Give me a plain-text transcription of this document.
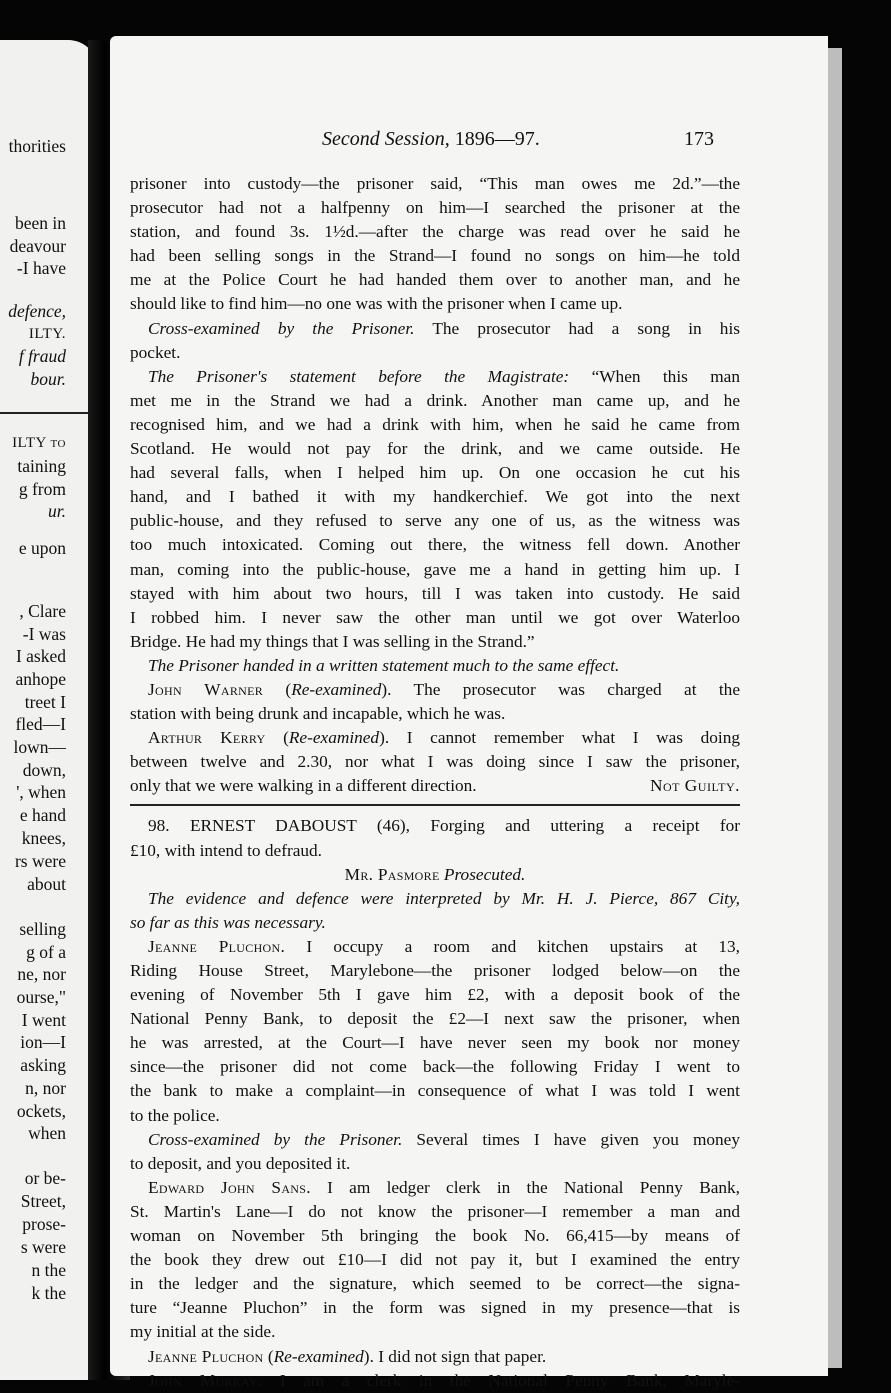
thorities
been in
deavour
-I have
defence,
ILTY.
f fraud
bour.
ILTY to
taining
g from
ur.
e upon
, Clare
-I was
I asked
anhope
treet I
fled—I
lown—
down,
', when
e hand
knees,
rs were
about
selling
g of a
ne, nor
ourse,"
I went
ion—I
asking
n, nor
ockets,
when
or be-
Street,
prose-
s were
n the
k the
Second Session, 1896—97.	173
prisoner into custody—the prisoner said, “This man owes me 2d.”—the
prosecutor had not a halfpenny on him—I searched the prisoner at the
station, and found 3s. 1½d.—after the charge was read over he said he
had been selling songs in the Strand—I found no songs on him—he told
me at the Police Court he had handed them over to another man, and he
should like to find him—no one was with the prisoner when I came up.
Cross-examined by the Prisoner. The prosecutor had a song in his
pocket.
The Prisoner's statement before the Magistrate: “When this man
met me in the Strand we had a drink. Another man came up, and he
recognised him, and we had a drink with him, when he said he came from
Scotland. He would not pay for the drink, and we came outside. He
had several falls, when I helped him up. On one occasion he cut his
hand, and I bathed it with my handkerchief. We got into the next
public-house, and they refused to serve any one of us, as the witness was
too much intoxicated. Coming out there, the witness fell down. Another
man, coming into the public-house, gave me a hand in getting him up. I
stayed with him about two hours, till I was taken into custody. He said
I robbed him. I never saw the other man until we got over Waterloo
Bridge. He had my things that I was selling in the Strand.”
The Prisoner handed in a written statement much to the same effect.
John Warner (Re-examined). The prosecutor was charged at the
station with being drunk and incapable, which he was.
Arthur Kerry (Re-examined). I cannot remember what I was doing
between twelve and 2.30, nor what I was doing since I saw the prisoner,
only that we were walking in a different direction.	Not Guilty.
98. ERNEST DABOUST (46), Forging and uttering a receipt for
£10, with intend to defraud.
Mr. Pasmore Prosecuted.
The evidence and defence were interpreted by Mr. H. J. Pierce, 867 City,
so far as this was necessary.
Jeanne Pluchon. I occupy a room and kitchen upstairs at 13,
Riding House Street, Marylebone—the prisoner lodged below—on the
evening of November 5th I gave him £2, with a deposit book of the
National Penny Bank, to deposit the £2—I next saw the prisoner, when
he was arrested, at the Court—I have never seen my book nor money
since—the prisoner did not come back—the following Friday I went to
the bank to make a complaint—in consequence of what I was told I went
to the police.
Cross-examined by the Prisoner. Several times I have given you money
to deposit, and you deposited it.
Edward John Sans. I am ledger clerk in the National Penny Bank,
St. Martin's Lane—I do not know the prisoner—I remember a man and
woman on November 5th bringing the book No. 66,415—by means of
the book they drew out £10—I did not pay it, but I examined the entry
in the ledger and the signature, which seemed to be correct—the signa-
ture “Jeanne Pluchon” in the form was signed in my presence—that is
my initial at the side.
Jeanne Pluchon (Re-examined). I did not sign that paper.
John Murray. I am a clerk in the National Penny Bank, Maryle-
